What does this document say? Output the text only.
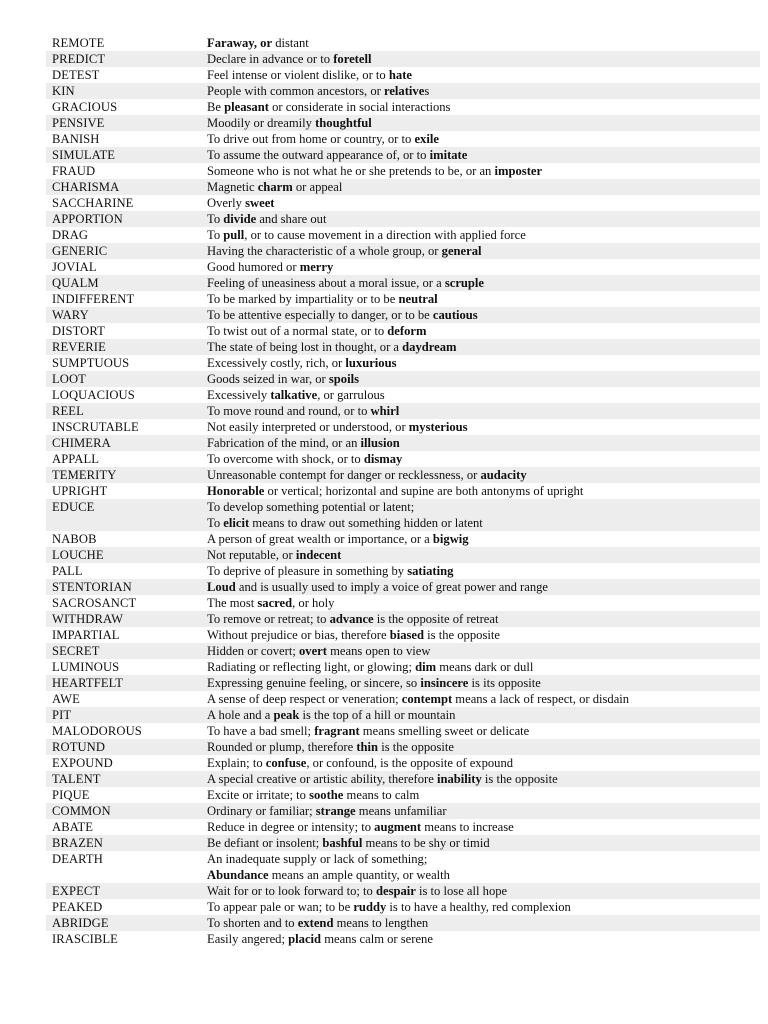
REMOTE	Faraway, or distant
PREDICT	Declare in advance or to foretell
DETEST	Feel intense or violent dislike, or to hate
KIN	People with common ancestors, or relatives
GRACIOUS	Be pleasant or considerate in social interactions
PENSIVE	Moodily or dreamily thoughtful
BANISH	To drive out from home or country, or to exile
SIMULATE	To assume the outward appearance of, or to imitate
FRAUD	Someone who is not what he or she pretends to be, or an imposter
CHARISMA	Magnetic charm or appeal
SACCHARINE	Overly sweet
APPORTION	To divide and share out
DRAG	To pull, or to cause movement in a direction with applied force
GENERIC	Having the characteristic of a whole group, or general
JOVIAL	Good humored or merry
QUALM	Feeling of uneasiness about a moral issue, or a scruple
INDIFFERENT	To be marked by impartiality or to be neutral
WARY	To be attentive especially to danger, or to be cautious
DISTORT	To twist out of a normal state, or to deform
REVERIE	The state of being lost in thought, or a daydream
SUMPTUOUS	Excessively costly, rich, or luxurious
LOOT	Goods seized in war, or spoils
LOQUACIOUS	Excessively talkative, or garrulous
REEL	To move round and round, or to whirl
INSCRUTABLE	Not easily interpreted or understood, or mysterious
CHIMERA	Fabrication of the mind, or an illusion
APPALL	To overcome with shock, or to dismay
TEMERITY	Unreasonable contempt for danger or recklessness, or audacity
UPRIGHT	Honorable or vertical; horizontal and supine are both antonyms of upright
EDUCE	To develop something potential or latent;
To elicit means to draw out something hidden or latent
NABOB	A person of great wealth or importance, or a bigwig
LOUCHE	Not reputable, or indecent
PALL	To deprive of pleasure in something by satiating
STENTORIAN	Loud and is usually used to imply a voice of great power and range
SACROSANCT	The most sacred, or holy
WITHDRAW	To remove or retreat; to advance is the opposite of retreat
IMPARTIAL	Without prejudice or bias, therefore biased is the opposite
SECRET	Hidden or covert; overt means open to view
LUMINOUS	Radiating or reflecting light, or glowing; dim means dark or dull
HEARTFELT	Expressing genuine feeling, or sincere, so insincere is its opposite
AWE	A sense of deep respect or veneration; contempt means a lack of respect, or disdain
PIT	A hole and a peak is the top of a hill or mountain
MALODOROUS	To have a bad smell; fragrant means smelling sweet or delicate
ROTUND	Rounded or plump, therefore thin is the opposite
EXPOUND	Explain; to confuse, or confound, is the opposite of expound
TALENT	A special creative or artistic ability, therefore inability is the opposite
PIQUE	Excite or irritate; to soothe means to calm
COMMON	Ordinary or familiar; strange means unfamiliar
ABATE	Reduce in degree or intensity; to augment means to increase
BRAZEN	Be defiant or insolent; bashful means to be shy or timid
DEARTH	An inadequate supply or lack of something;
Abundance means an ample quantity, or wealth
EXPECT	Wait for or to look forward to; to despair is to lose all hope
PEAKED	To appear pale or wan; to be ruddy is to have a healthy, red complexion
ABRIDGE	To shorten and to extend means to lengthen
IRASCIBLE	Easily angered; placid means calm or serene
